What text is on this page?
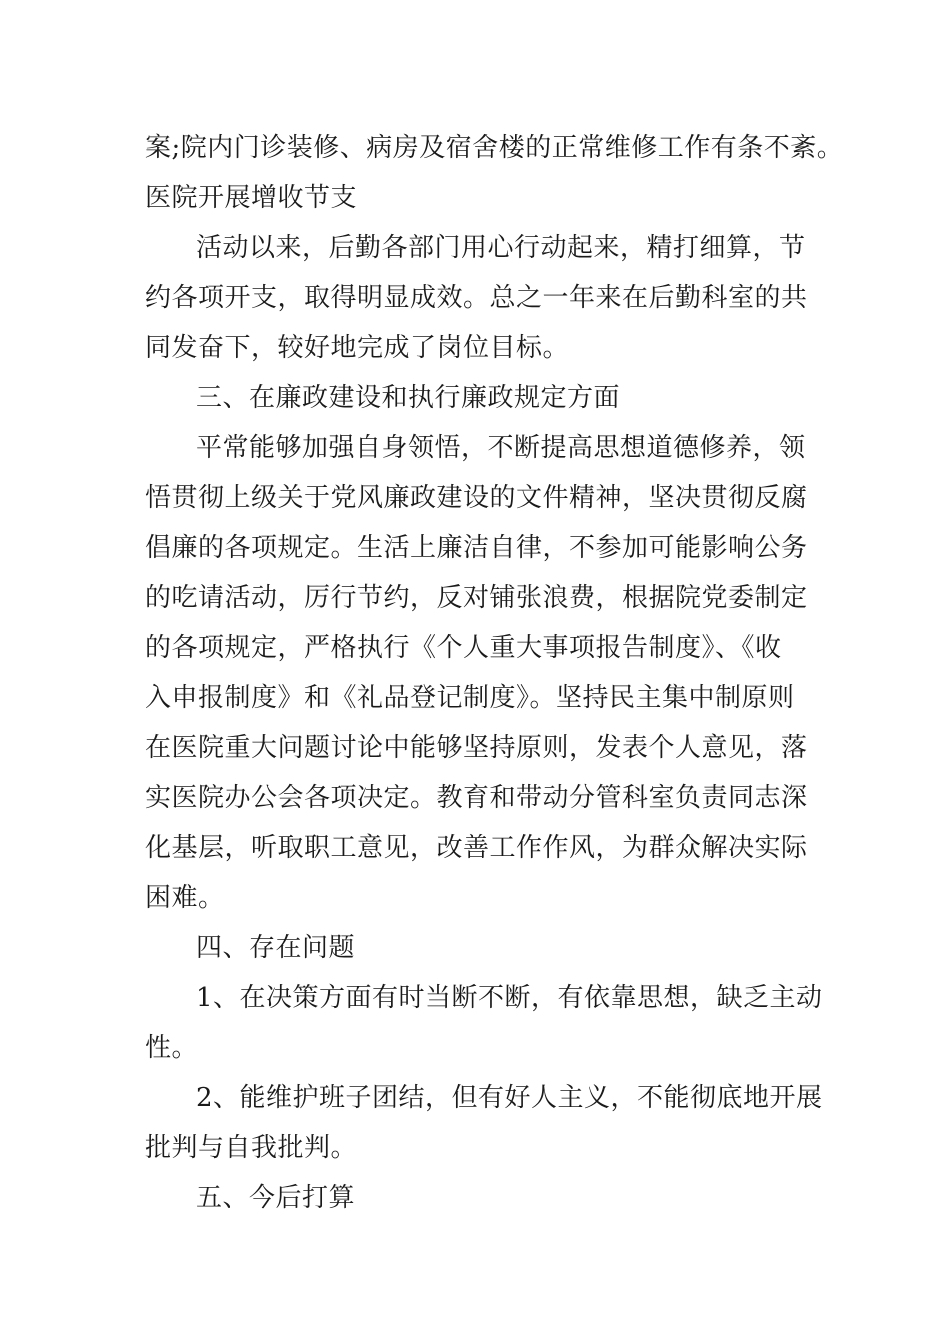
案;院内门诊装修、病房及宿舍楼的正常维修工作有条不紊。
医院开展增收节支
活动以来，后勤各部门用心行动起来，精打细算，节
约各项开支，取得明显成效。总之一年来在后勤科室的共
同发奋下，较好地完成了岗位目标。
三、在廉政建设和执行廉政规定方面
平常能够加强自身领悟，不断提高思想道德修养，领
悟贯彻上级关于党风廉政建设的文件精神，坚决贯彻反腐
倡廉的各项规定。生活上廉洁自律，不参加可能影响公务
的吃请活动，厉行节约，反对铺张浪费，根据院党委制定
的各项规定，严格执行《个人重大事项报告制度》、《收
入申报制度》和《礼品登记制度》。坚持民主集中制原则
在医院重大问题讨论中能够坚持原则，发表个人意见，落
实医院办公会各项决定。教育和带动分管科室负责同志深
化基层，听取职工意见，改善工作作风，为群众解决实际
困难。
四、存在问题
1、在决策方面有时当断不断，有依靠思想，缺乏主动
性。
2、能维护班子团结，但有好人主义，不能彻底地开展
批判与自我批判。
五、今后打算
